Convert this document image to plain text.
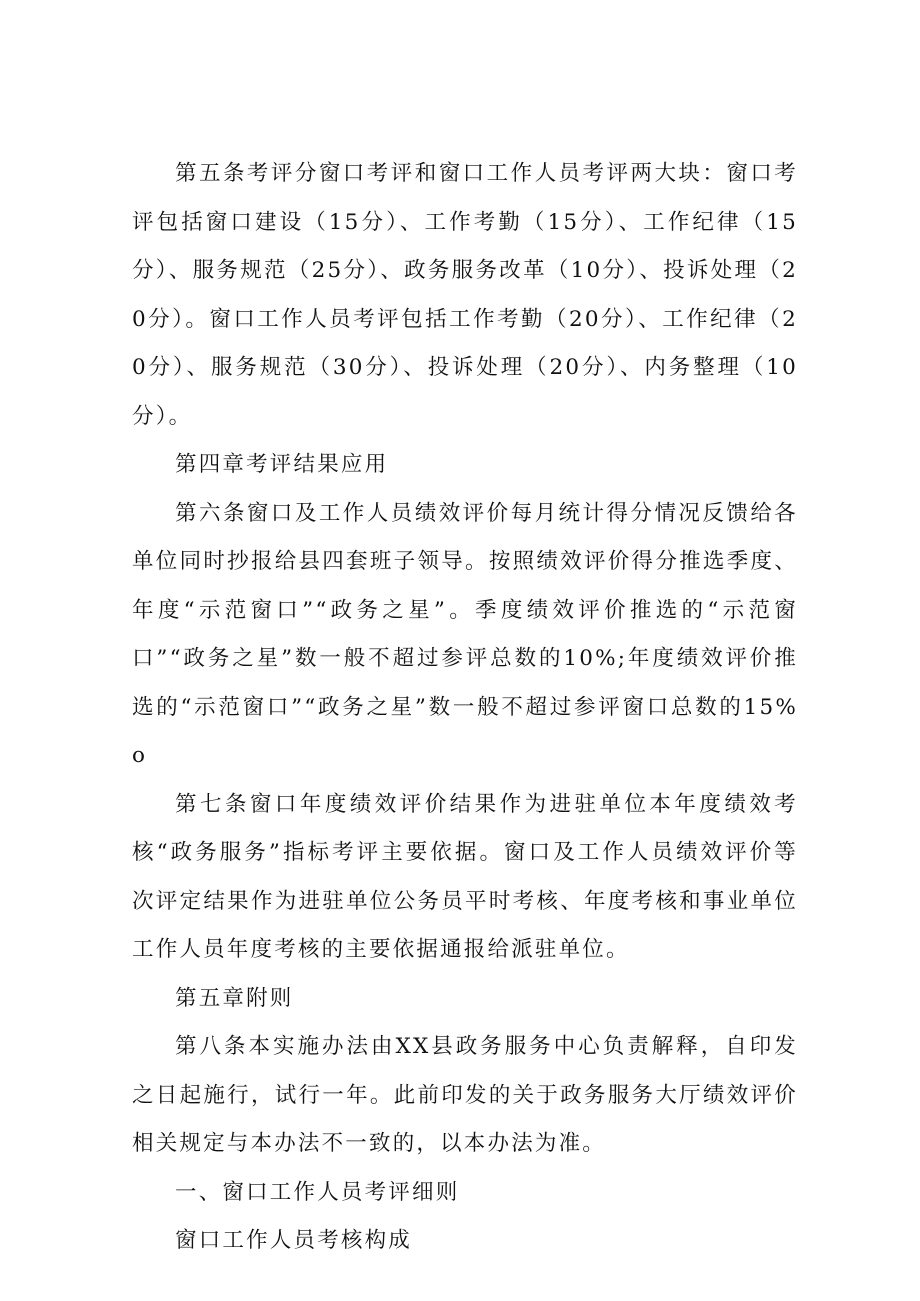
第五条考评分窗口考评和窗口工作人员考评两大块：窗口考评包括窗口建设（15分）、工作考勤（15分）、工作纪律（15分）、服务规范（25分）、政务服务改革（10分）、投诉处理（20分）。窗口工作人员考评包括工作考勤（20分）、工作纪律（20分）、服务规范（30分）、投诉处理（20分）、内务整理（10分）。

第四章考评结果应用

第六条窗口及工作人员绩效评价每月统计得分情况反馈给各单位同时抄报给县四套班子领导。按照绩效评价得分推选季度、年度“示范窗口”“政务之星”。季度绩效评价推选的“示范窗口”“政务之星”数一般不超过参评总数的10%;年度绩效评价推选的“示范窗口”“政务之星”数一般不超过参评窗口总数的15%o

第七条窗口年度绩效评价结果作为进驻单位本年度绩效考核“政务服务”指标考评主要依据。窗口及工作人员绩效评价等次评定结果作为进驻单位公务员平时考核、年度考核和事业单位工作人员年度考核的主要依据通报给派驻单位。

第五章附则

第八条本实施办法由XX县政务服务中心负责解释，自印发之日起施行，试行一年。此前印发的关于政务服务大厅绩效评价相关规定与本办法不一致的，以本办法为准。

一、窗口工作人员考评细则

窗口工作人员考核构成
